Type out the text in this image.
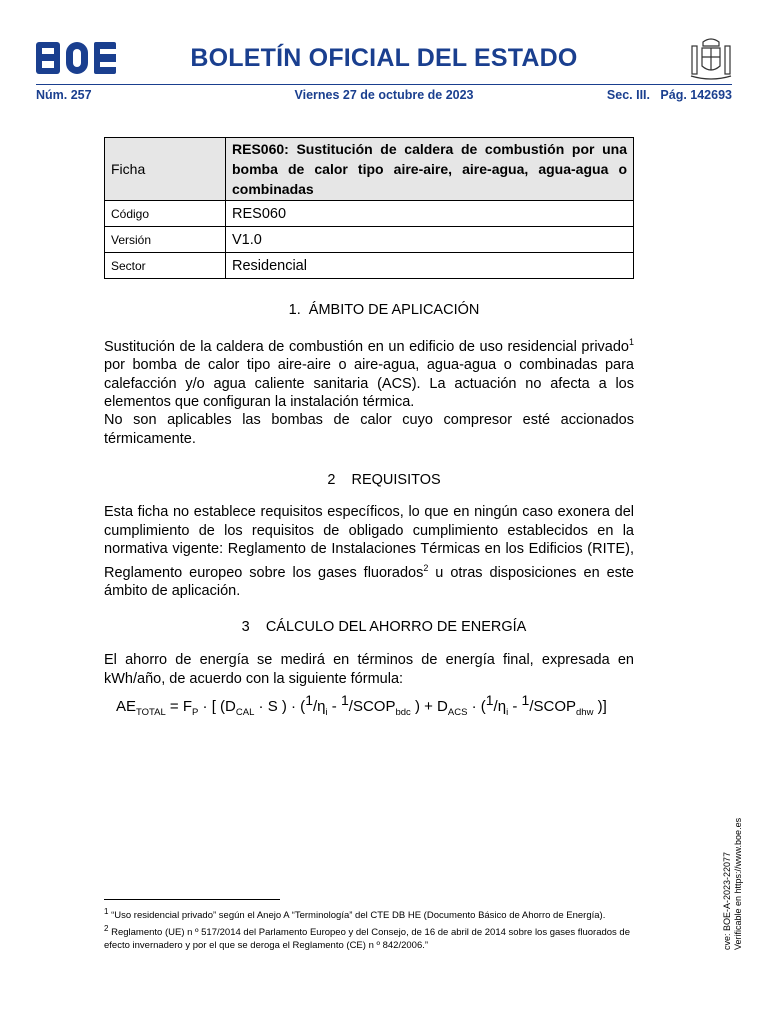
BOLETÍN OFICIAL DEL ESTADO
Núm. 257	Viernes 27 de octubre de 2023	Sec. III.   Pág. 142693
Ficha	RES060: Sustitución de caldera de combustión por una bomba de calor tipo aire-aire, aire-agua, agua-agua o combinadas
Código	RES060
Versión	V1.0
Sector	Residencial
1.  ÁMBITO DE APLICACIÓN

Sustitución de la caldera de combustión en un edificio de uso residencial privado$^1$ por bomba de calor tipo aire-aire o aire-agua, agua-agua o combinadas para calefacción y/o agua caliente sanitaria (ACS). La actuación no afecta a los elementos que configuran la instalación térmica.

No son aplicables las bombas de calor cuyo compresor esté accionados térmicamente.

2    REQUISITOS

Esta ficha no establece requisitos específicos, lo que en ningún caso exonera del cumplimiento de los requisitos de obligado cumplimiento establecidos en la normativa vigente: Reglamento de Instalaciones Térmicas en los Edificios (RITE), Reglamento europeo sobre los gases fluorados$^2$ u otras disposiciones en este ámbito de aplicación.

3    CÁLCULO DEL AHORRO DE ENERGÍA

El ahorro de energía se medirá en términos de energía final, expresada en kWh/año, de acuerdo con la siguiente fórmula:

$AE_{TOTAL} = F_P$ · [ ($D_{CAL} \cdot S$ ) · ($^1/\eta_i$ - $^1/SCOP_{bdc}$ ) + $D_{ACS} \cdot (^1/\eta_i$ - $^1/SCOP_{dhw}$ )]

$^1$ “Uso residencial privado” según el Anejo A “Terminología” del CTE DB HE (Documento Básico de Ahorro de Energía).

$^2$ Reglamento (UE) n º 517/2014 del Parlamento Europeo y del Consejo, de 16 de abril de 2014 sobre los gases fluorados de efecto invernadero y por el que se deroga el Reglamento (CE) n º 842/2006.”	cve: BOE-A-2023-22077 Verificable en https://www.boe.es
